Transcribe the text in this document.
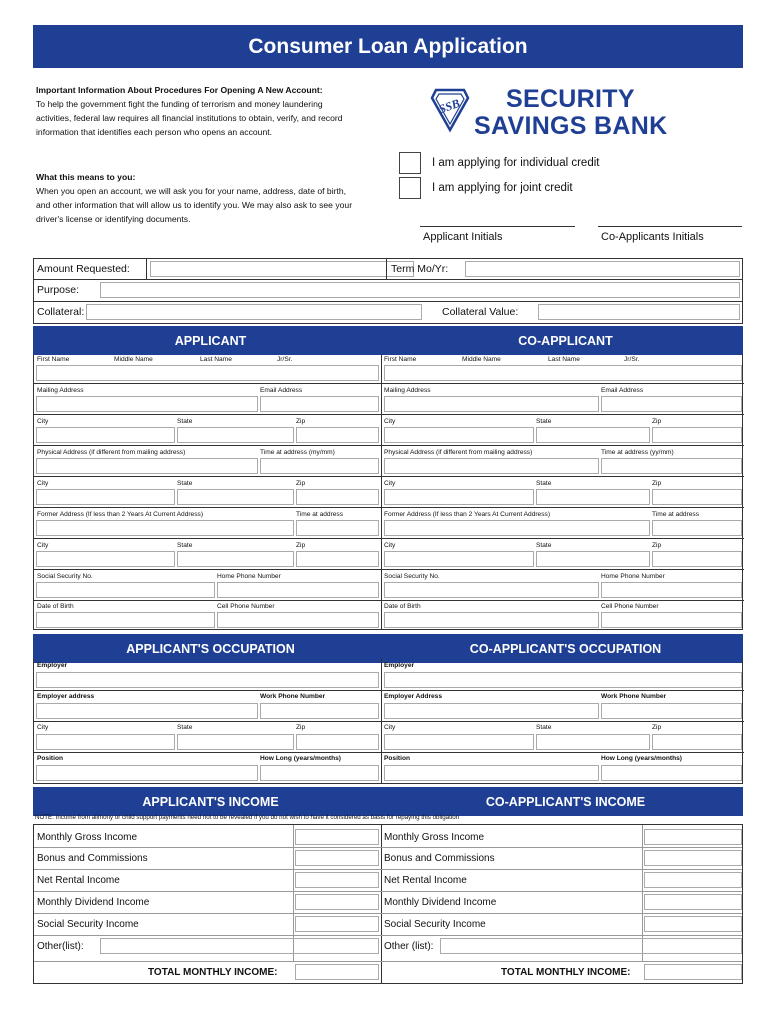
Consumer Loan Application
Important Information About Procedures For Opening A New Account:
To help the government fight the funding of terrorism and money laundering
activities, federal law requires all financial institutions to obtain, verify, and record
information that identifies each person who opens an account.
What this means to you:
When you open an account, we will ask you for your name, address, date of birth,
and other information that will allow us to identify you. We may also ask to see your
driver's license or identifying documents.
SSB	SECURITY
SAVINGS BANK
I am applying for individual credit
I am applying for joint credit
Applicant Initials	Co-Applicants Initials
Amount Requested:	Term Mo/Yr:
Purpose:
Collateral:	Collateral Value:
APPLICANT	CO-APPLICANT
First Name	Middle Name	Last Name	Jr/Sr.	First Name	Middle Name	Last Name	Jr/Sr.
Mailing Address	Email Address	Mailing Address	Email Address
City	State	Zip	City	State	Zip
Physical Address (if different from mailing address)	Time at address (my/mm)	Physical Address (if different from mailing address)	Time at address (yy/mm)
City	State	Zip	City	State	Zip
Former Address (If less than 2 Years At Current Address)	Time at address	Former Address (If less than 2 Years At Current Address)	Time at address
City	State	Zip	City	State	Zip
Social Security No.	Home Phone Number	Social Security No.	Home Phone Number
Date of Birth	Cell Phone Number	Date of Birth	Cell Phone Number
APPLICANT'S OCCUPATION	CO-APPLICANT'S OCCUPATION
Employer	Employer
Employer address	Work Phone Number	Employer Address	Work Phone Number
City	State	Zip	City	State	Zip
Position	How Long (years/months)	Position	How Long (years/months)
APPLICANT'S INCOME	CO-APPLICANT'S INCOME
NOTE: Income from alimony or child support payments need not to be revealed if you do not wish to have it considered as basis for repaying this obligation
Monthly Gross Income	Monthly Gross Income
Bonus and Commissions	Bonus and Commissions
Net Rental Income	Net Rental Income
Monthly Dividend Income	Monthly Dividend Income
Social Security Income	Social Security Income
Other(list):	Other (list):
TOTAL MONTHLY INCOME:	TOTAL MONTHLY INCOME:
